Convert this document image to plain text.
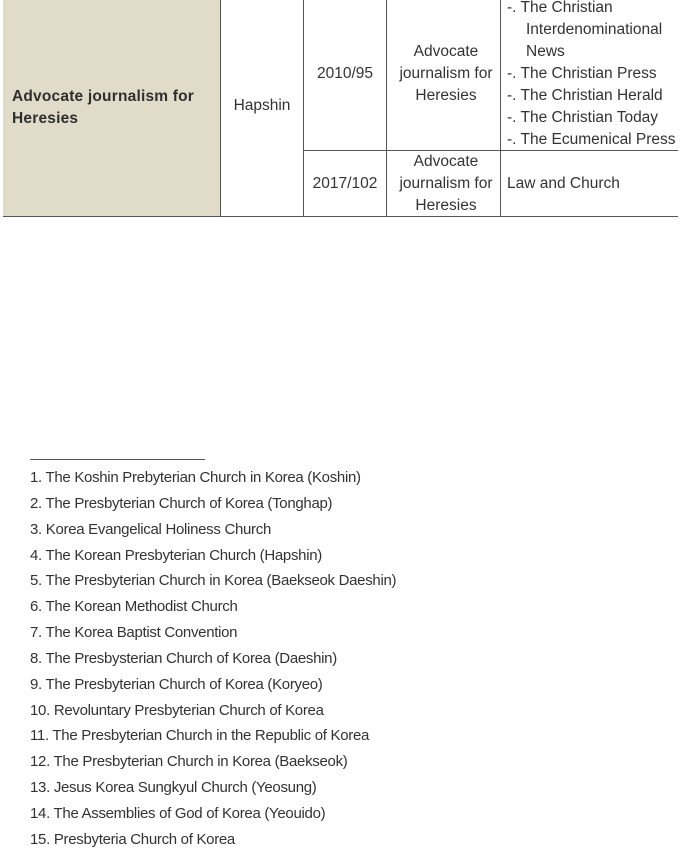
Advocate journalism for Heresies
Hapshin
2010/95
Advocate
journalism for
Heresies
-. The Christian
Interdenominational
News
-. The Christian Press
-. The Christian Herald
-. The Christian Today
-. The Ecumenical Press
2017/102
Advocate
journalism for
Heresies
Law and Church
1. The Koshin Prebyterian Church in Korea (Koshin)
2. The Presbyterian Church of Korea (Tonghap)
3. Korea Evangelical Holiness Church
4. The Korean Presbyterian Church (Hapshin)
5. The Presbyterian Church in Korea (Baekseok Daeshin)
6. The Korean Methodist Church
7. The Korea Baptist Convention
8. The Presbysterian Church of Korea (Daeshin)
9. The Presbyterian Church of Korea (Koryeo)
10. Revoluntary Presbyterian Church of Korea
11. The Presbyterian Church in the Republic of Korea
12. The Presbyterian Church in Korea (Baekseok)
13. Jesus Korea Sungkyul Church (Yeosung)
14. The Assemblies of God of Korea (Yeouido)
15. Presbyteria Church of Korea
